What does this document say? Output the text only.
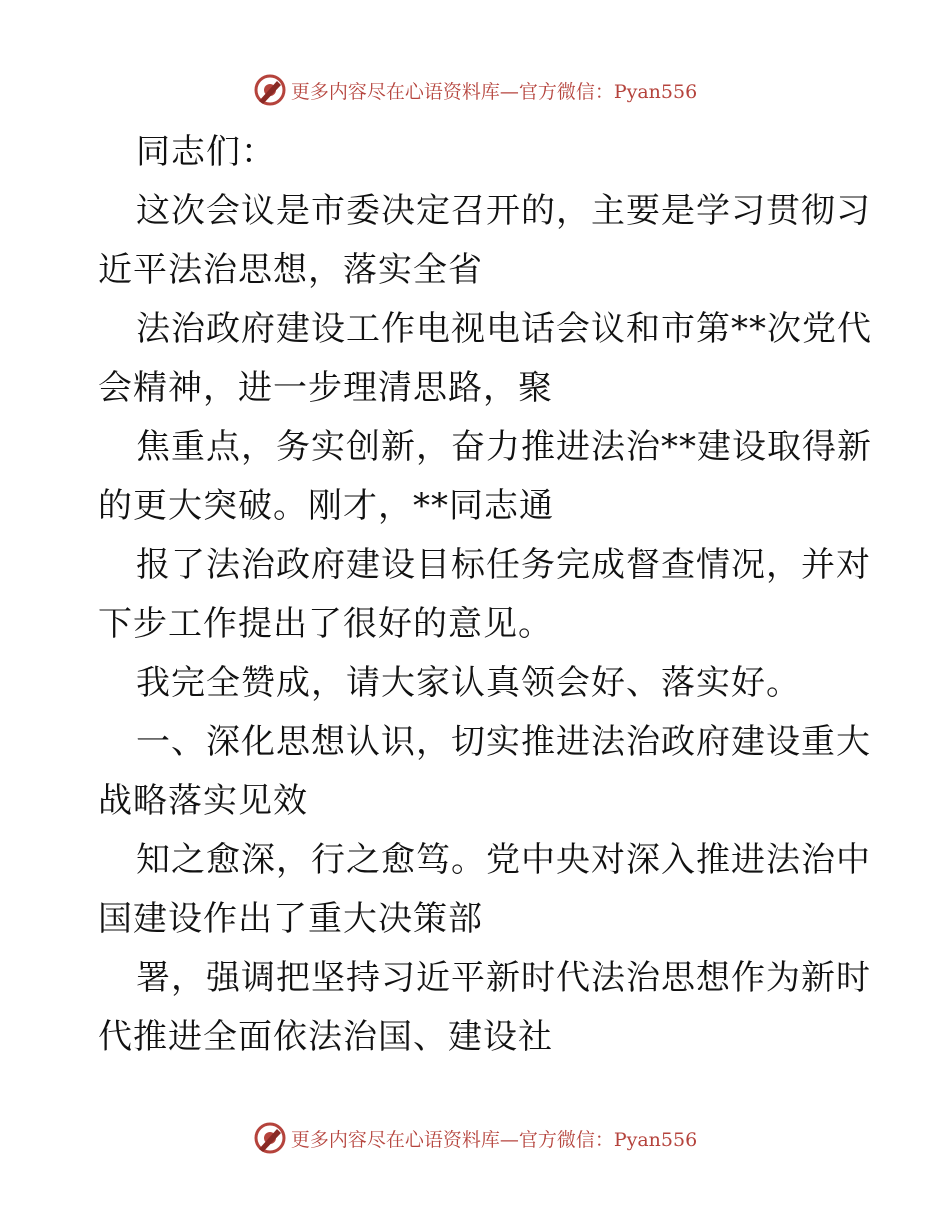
更多内容尽在心语资料库—官方微信：Pyan556

同志们：

这次会议是市委决定召开的，主要是学习贯彻习
近平法治思想，落实全省

法治政府建设工作电视电话会议和市第**次党代
会精神，进一步理清思路，聚

焦重点，务实创新，奋力推进法治**建设取得新
的更大突破。刚才，**同志通

报了法治政府建设目标任务完成督查情况，并对
下步工作提出了很好的意见。

我完全赞成，请大家认真领会好、落实好。

一、深化思想认识，切实推进法治政府建设重大
战略落实见效

知之愈深，行之愈笃。党中央对深入推进法治中
国建设作出了重大决策部

署，强调把坚持习近平新时代法治思想作为新时
代推进全面依法治国、建设社

更多内容尽在心语资料库—官方微信：Pyan556
